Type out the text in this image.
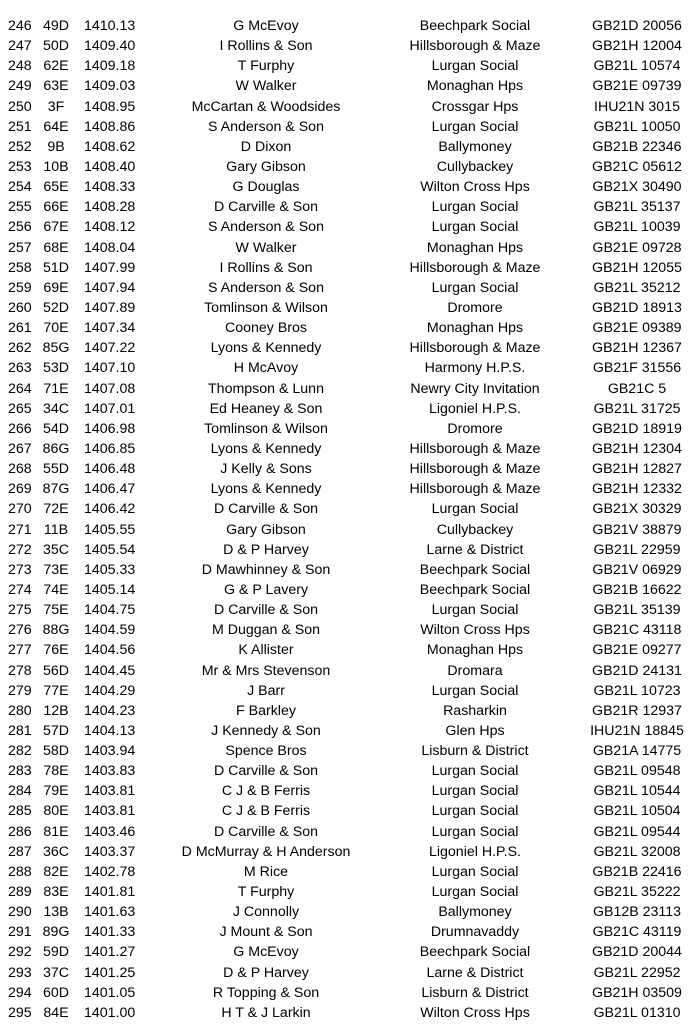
246 49D	1410.13	G McEvoy	Beechpark Social	GB21D 20056
247 50D	1409.40	I Rollins & Son	Hillsborough & Maze	GB21H 12004
248 62E	1409.18	T Furphy	Lurgan Social	GB21L 10574
249 63E	1409.03	W Walker	Monaghan Hps	GB21E 09739
250	3F	1408.95	McCartan & Woodsides	Crossgar Hps	IHU21N 3015
251 64E	1408.86	S Anderson & Son	Lurgan Social	GB21L 10050
252	9B	1408.62	D Dixon	Ballymoney	GB21B 22346
253 10B	1408.40	Gary Gibson	Cullybackey	GB21C 05612
254 65E	1408.33	G Douglas	Wilton Cross Hps	GB21X 30490
255 66E	1408.28	D Carville & Son	Lurgan Social	GB21L 35137
256 67E	1408.12	S Anderson & Son	Lurgan Social	GB21L 10039
257 68E	1408.04	W Walker	Monaghan Hps	GB21E 09728
258 51D	1407.99	I Rollins & Son	Hillsborough & Maze	GB21H 12055
259 69E	1407.94	S Anderson & Son	Lurgan Social	GB21L 35212
260 52D	1407.89	Tomlinson & Wilson	Dromore	GB21D 18913
261 70E	1407.34	Cooney Bros	Monaghan Hps	GB21E 09389
262 85G	1407.22	Lyons & Kennedy	Hillsborough & Maze	GB21H 12367
263 53D	1407.10	H McAvoy	Harmony H.P.S.	GB21F 31556
264 71E	1407.08	Thompson & Lunn	Newry City Invitation	GB21C 5
265 34C	1407.01	Ed Heaney & Son	Ligoniel H.P.S.	GB21L 31725
266 54D	1406.98	Tomlinson & Wilson	Dromore	GB21D 18919
267 86G	1406.85	Lyons & Kennedy	Hillsborough & Maze	GB21H 12304
268 55D	1406.48	J Kelly & Sons	Hillsborough & Maze	GB21H 12827
269 87G	1406.47	Lyons & Kennedy	Hillsborough & Maze	GB21H 12332
270 72E	1406.42	D Carville & Son	Lurgan Social	GB21X 30329
271 11B	1405.55	Gary Gibson	Cullybackey	GB21V 38879
272 35C	1405.54	D & P Harvey	Larne & District	GB21L 22959
273 73E	1405.33	D Mawhinney & Son	Beechpark Social	GB21V 06929
274 74E	1405.14	G & P Lavery	Beechpark Social	GB21B 16622
275 75E	1404.75	D Carville & Son	Lurgan Social	GB21L 35139
276 88G	1404.59	M Duggan & Son	Wilton Cross Hps	GB21C 43118
277 76E	1404.56	K Allister	Monaghan Hps	GB21E 09277
278 56D	1404.45	Mr & Mrs Stevenson	Dromara	GB21D 24131
279 77E	1404.29	J Barr	Lurgan Social	GB21L 10723
280 12B	1404.23	F Barkley	Rasharkin	GB21R 12937
281 57D	1404.13	J Kennedy & Son	Glen Hps	IHU21N 18845
282 58D	1403.94	Spence Bros	Lisburn & District	GB21A 14775
283 78E	1403.83	D Carville & Son	Lurgan Social	GB21L 09548
284 79E	1403.81	C J & B Ferris	Lurgan Social	GB21L 10544
285 80E	1403.81	C J & B Ferris	Lurgan Social	GB21L 10504
286 81E	1403.46	D Carville & Son	Lurgan Social	GB21L 09544
287 36C	1403.37	D McMurray & H Anderson	Ligoniel H.P.S.	GB21L 32008
288 82E	1402.78	M Rice	Lurgan Social	GB21B 22416
289 83E	1401.81	T Furphy	Lurgan Social	GB21L 35222
290 13B	1401.63	J Connolly	Ballymoney	GB12B 23113
291 89G	1401.33	J Mount & Son	Drumnavaddy	GB21C 43119
292 59D	1401.27	G McEvoy	Beechpark Social	GB21D 20044
293 37C	1401.25	D & P Harvey	Larne & District	GB21L 22952
294 60D	1401.05	R Topping & Son	Lisburn & District	GB21H 03509
295 84E	1401.00	H T & J Larkin	Wilton Cross Hps	GB21L 01310
